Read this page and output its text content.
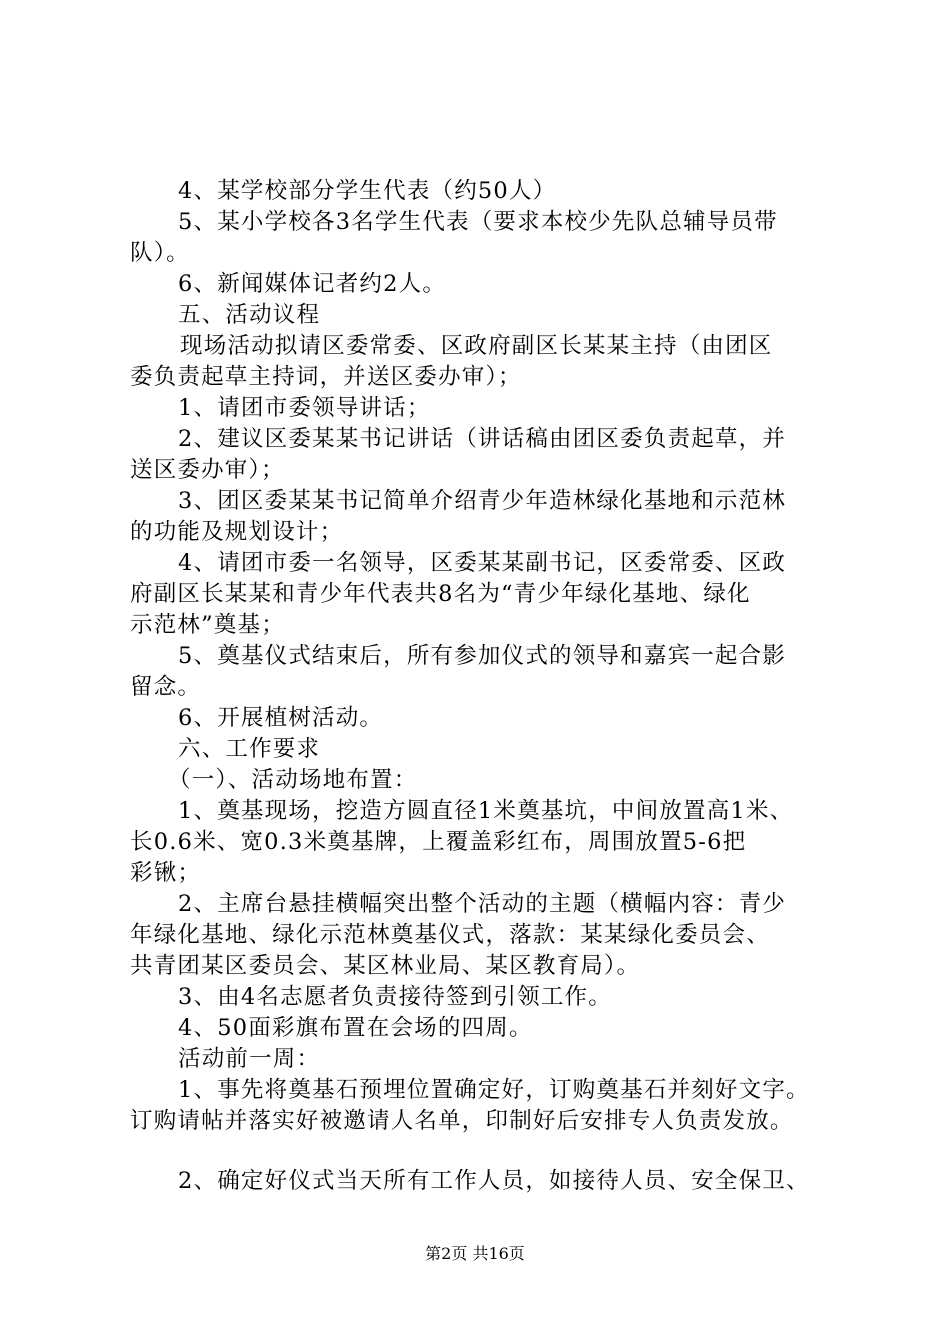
4、某学校部分学生代表（约50人）
5、某小学校各3名学生代表（要求本校少先队总辅导员带
队）。
6、新闻媒体记者约2人。
五、活动议程
现场活动拟请区委常委、区政府副区长某某主持（由团区
委负责起草主持词，并送区委办审）；
1、请团市委领导讲话；
2、建议区委某某书记讲话（讲话稿由团区委负责起草，并
送区委办审）；
3、团区委某某书记简单介绍青少年造林绿化基地和示范林
的功能及规划设计；
4、请团市委一名领导，区委某某副书记，区委常委、区政
府副区长某某和青少年代表共8名为“青少年绿化基地、绿化
示范林”奠基；
5、奠基仪式结束后，所有参加仪式的领导和嘉宾一起合影
留念。
6、开展植树活动。
六、工作要求
（一）、活动场地布置：
1、奠基现场，挖造方圆直径1米奠基坑，中间放置高1米、
长0.6米、宽0.3米奠基牌，上覆盖彩红布，周围放置5-6把
彩锹；
2、主席台悬挂横幅突出整个活动的主题（横幅内容：青少
年绿化基地、绿化示范林奠基仪式，落款：某某绿化委员会、
共青团某区委员会、某区林业局、某区教育局）。
3、由4名志愿者负责接待签到引领工作。
4、50面彩旗布置在会场的四周。
活动前一周：
1、事先将奠基石预埋位置确定好，订购奠基石并刻好文字。
订购请帖并落实好被邀请人名单，印制好后安排专人负责发放。
2、确定好仪式当天所有工作人员，如接待人员、安全保卫、
第2页 共16页
